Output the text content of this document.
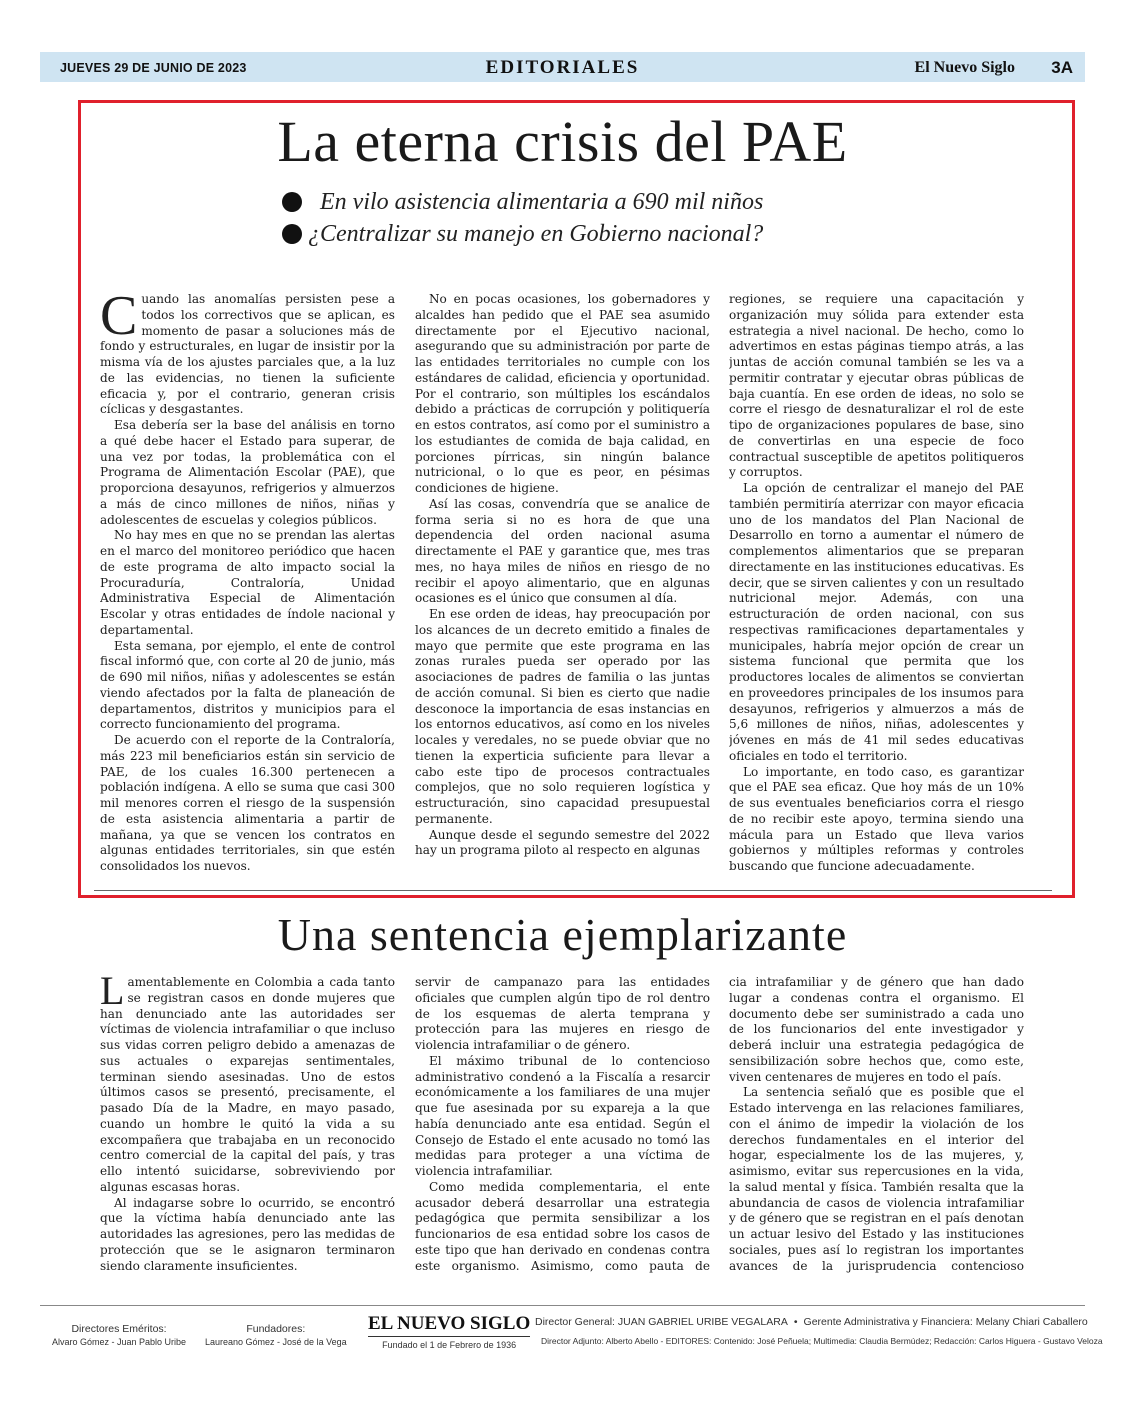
JUEVES 29 DE JUNIO DE 2023	EDITORIALES	El Nuevo Siglo 3A
La eterna crisis del PAE
En vilo asistencia alimentaria a 690 mil niños
¿Centralizar su manejo en Gobierno nacional?

Cuando las anomalías persisten pese a todos los correctivos que se aplican, es momento de pasar a soluciones más de fondo y estructurales, en lugar de insistir por la misma vía de los ajustes parciales que, a la luz de las evidencias, no tienen la suficiente eficacia y, por el contrario, generan crisis cíclicas y desgastantes.

Esa debería ser la base del análisis en torno a qué debe hacer el Estado para superar, de una vez por todas, la problemática con el Programa de Alimentación Escolar (PAE), que proporciona desayunos, refrigerios y almuerzos a más de cinco millones de niños, niñas y adolescentes de escuelas y colegios públicos.

No hay mes en que no se prendan las alertas en el marco del monitoreo periódico que hacen de este programa de alto impacto social la Procuraduría, Contraloría, Unidad Administrativa Especial de Alimentación Escolar y otras entidades de índole nacional y departamental.

Esta semana, por ejemplo, el ente de control fiscal informó que, con corte al 20 de junio, más de 690 mil niños, niñas y adolescentes se están viendo afectados por la falta de planeación de departamentos, distritos y municipios para el correcto funcionamiento del programa.

De acuerdo con el reporte de la Contraloría, más 223 mil beneficiarios están sin servicio de PAE, de los cuales 16.300 pertenecen a población indígena. A ello se suma que casi 300 mil menores corren el riesgo de la suspensión de esta asistencia alimentaria a partir de mañana, ya que se vencen los contratos en algunas entidades territoriales, sin que estén consolidados los nuevos.

No en pocas ocasiones, los gobernadores y alcaldes han pedido que el PAE sea asumido directamente por el Ejecutivo nacional, asegurando que su administración por parte de las entidades territoriales no cumple con los estándares de calidad, eficiencia y oportunidad. Por el contrario, son múltiples los escándalos debido a prácticas de corrupción y politiquería en estos contratos, así como por el suministro a los estudiantes de comida de baja calidad, en porciones pírricas, sin ningún balance nutricional, o lo que es peor, en pésimas condiciones de higiene.

Así las cosas, convendría que se analice de forma seria si no es hora de que una dependencia del orden nacional asuma directamente el PAE y garantice que, mes tras mes, no haya miles de niños en riesgo de no recibir el apoyo alimentario, que en algunas ocasiones es el único que consumen al día.

En ese orden de ideas, hay preocupación por los alcances de un decreto emitido a finales de mayo que permite que este programa en las zonas rurales pueda ser operado por las asociaciones de padres de familia o las juntas de acción comunal. Si bien es cierto que nadie desconoce la importancia de esas instancias en los entornos educativos, así como en los niveles locales y veredales, no se puede obviar que no tienen la experticia suficiente para llevar a cabo este tipo de procesos contractuales complejos, que no solo requieren logística y estructuración, sino capacidad presupuestal permanente.

Aunque desde el segundo semestre del 2022 hay un programa piloto al respecto en algunas

regiones, se requiere una capacitación y organización muy sólida para extender esta estrategia a nivel nacional. De hecho, como lo advertimos en estas páginas tiempo atrás, a las juntas de acción comunal también se les va a permitir contratar y ejecutar obras públicas de baja cuantía. En ese orden de ideas, no solo se corre el riesgo de desnaturalizar el rol de este tipo de organizaciones populares de base, sino de convertirlas en una especie de foco contractual susceptible de apetitos politiqueros y corruptos.

La opción de centralizar el manejo del PAE también permitiría aterrizar con mayor eficacia uno de los mandatos del Plan Nacional de Desarrollo en torno a aumentar el número de complementos alimentarios que se preparan directamente en las instituciones educativas. Es decir, que se sirven calientes y con un resultado nutricional mejor. Además, con una estructuración de orden nacional, con sus respectivas ramificaciones departamentales y municipales, habría mejor opción de crear un sistema funcional que permita que los productores locales de alimentos se conviertan en proveedores principales de los insumos para desayunos, refrigerios y almuerzos a más de 5,6 millones de niños, niñas, adolescentes y jóvenes en más de 41 mil sedes educativas oficiales en todo el territorio.

Lo importante, en todo caso, es garantizar que el PAE sea eficaz. Que hoy más de un 10% de sus eventuales beneficiarios corra el riesgo de no recibir este apoyo, termina siendo una mácula para un Estado que lleva varios gobiernos y múltiples reformas y controles buscando que funcione adecuadamente.

Una sentencia ejemplarizante

Lamentablemente en Colombia a cada tanto se registran casos en donde mujeres que han denunciado ante las autoridades ser víctimas de violencia intrafamiliar o que incluso sus vidas corren peligro debido a amenazas de sus actuales o exparejas sentimentales, terminan siendo asesinadas. Uno de estos últimos casos se presentó, precisamente, el pasado Día de la Madre, en mayo pasado, cuando un hombre le quitó la vida a su excompañera que trabajaba en un reconocido centro comercial de la capital del país, y tras ello intentó suicidarse, sobreviviendo por algunas escasas horas.

Al indagarse sobre lo ocurrido, se encontró que la víctima había denunciado ante las autoridades las agresiones, pero las medidas de protección que se le asignaron terminaron siendo claramente insuficientes.

servir de campanazo para las entidades oficiales que cumplen algún tipo de rol dentro de los esquemas de alerta temprana y protección para las mujeres en riesgo de violencia intrafamiliar o de género.

El máximo tribunal de lo contencioso administrativo condenó a la Fiscalía a resarcir económicamente a los familiares de una mujer que fue asesinada por su expareja a la que había denunciado ante esa entidad. Según el Consejo de Estado el ente acusado no tomó las medidas para proteger a una víctima de violencia intrafamiliar.

Como medida complementaria, el ente acusador deberá desarrollar una estrategia pedagógica que permita sensibilizar a los funcionarios de esa entidad sobre los casos de este tipo que han derivado en condenas contra este organismo. Asimismo, como pauta de

cia intrafamiliar y de género que han dado lugar a condenas contra el organismo. El documento debe ser suministrado a cada uno de los funcionarios del ente investigador y deberá incluir una estrategia pedagógica de sensibilización sobre hechos que, como este, viven centenares de mujeres en todo el país.

La sentencia señaló que es posible que el Estado intervenga en las relaciones familiares, con el ánimo de impedir la violación de los derechos fundamentales en el interior del hogar, especialmente los de las mujeres, y, asimismo, evitar sus repercusiones en la vida, la salud mental y física. También resalta que la abundancia de casos de violencia intrafamiliar y de género que se registran en el país denotan un actuar lesivo del Estado y las instituciones sociales, pues así lo registran los importantes avances de la jurisprudencia contencioso

Directores Eméritos:
Alvaro Gómez - Juan Pablo Uribe
Fundadores:
Laureano Gómez - José de la Vega
EL NUEVO SIGLO
Fundado el 1 de Febrero de 1936
Director General: JUAN GABRIEL URIBE VEGALARA • Gerente Administrativa y Financiera: Melany Chiari Caballero
Director Adjunto: Alberto Abello - EDITORES: Contenido: José Peñuela; Multimedia: Claudia Bermúdez; Redacción: Carlos Higuera - Gustavo Veloza
